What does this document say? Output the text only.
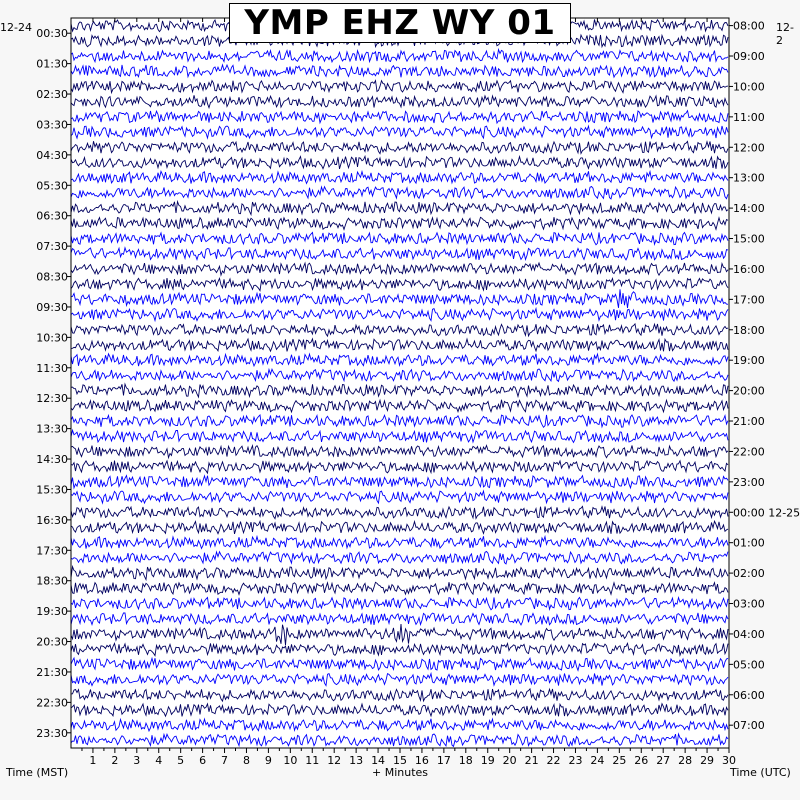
1 2 3 4 5 6 7 8 9 10 11 12 13 14 15 16 17 18 19 20 21 22 23 24 25 26 27 28 29 30
00:30
01:30
02:30
03:30
04:30
05:30
06:30
07:30
08:30
09:30
10:30
11:30
12:30
13:30
14:30
15:30
16:30
17:30
18:30
19:30
20:30
21:30
22:30
23:30
08:00
09:00
10:00
11:00
12:00
13:00
14:00
15:00
16:00
17:00
18:00
19:00
20:00
21:00
22:00
23:00
00:00 12-25
01:00
02:00
03:00
04:00
05:00
06:00
07:00
YMP EHZ WY 01
12-24	12-2
Time (MST)	+ Minutes	Time (UTC)
